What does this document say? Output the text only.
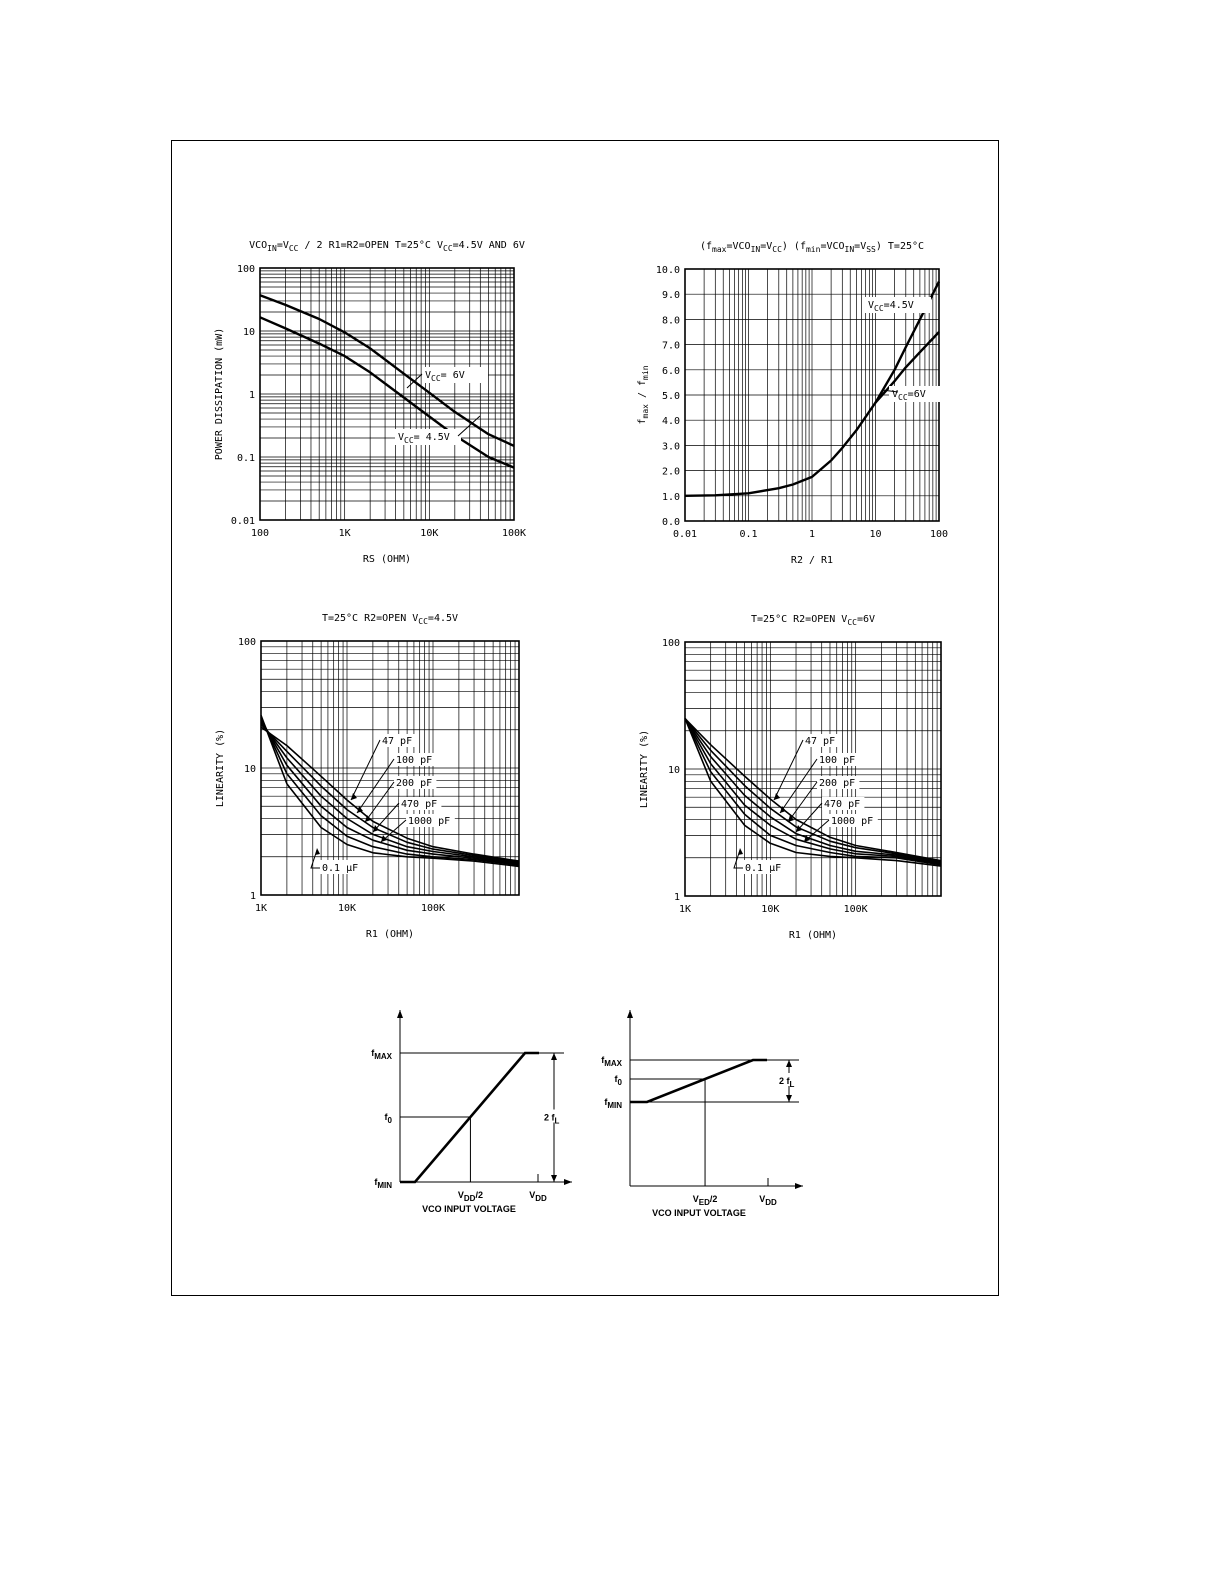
100	1K	10K	100K
100
10
1
0.1
0.01
VCOIN=VCC / 2 R1=R2=OPEN T=25°C VCC=4.5V AND 6V
RS (OHM)
POWER DISSIPATION (mW)	VCC= 6V
VCC= 4.5V
0.01	0.1	1	10	100
10.0
9.0
8.0
7.0
6.0
5.0
4.0
3.0
2.0
1.0
0.0
(fmax=VCOIN=VCC) (fmin=VCOIN=VSS) T=25°C
R2 / R1
fmax / fmin
VCC=4.5V
VCC=6V
1K	10K	100K
100
10
1
T=25°C R2=OPEN VCC=4.5V
R1 (OHM)
LINEARITY (%)	47 pF
100 pF
200 pF
470 pF
1000 pF
0.1 μF
1K	10K	100K
100
10
1
T=25°C R2=OPEN VCC=6V
R1 (OHM)
LINEARITY (%)	47 pF
100 pF
200 pF
470 pF
1000 pF
0.1 μF
2 fL
fMAX
f0
fMIN
VDD/2	VDD
VCO INPUT VOLTAGE
2 fL
fMAX
f0
fMIN
VED/2	VDD
VCO INPUT VOLTAGE
